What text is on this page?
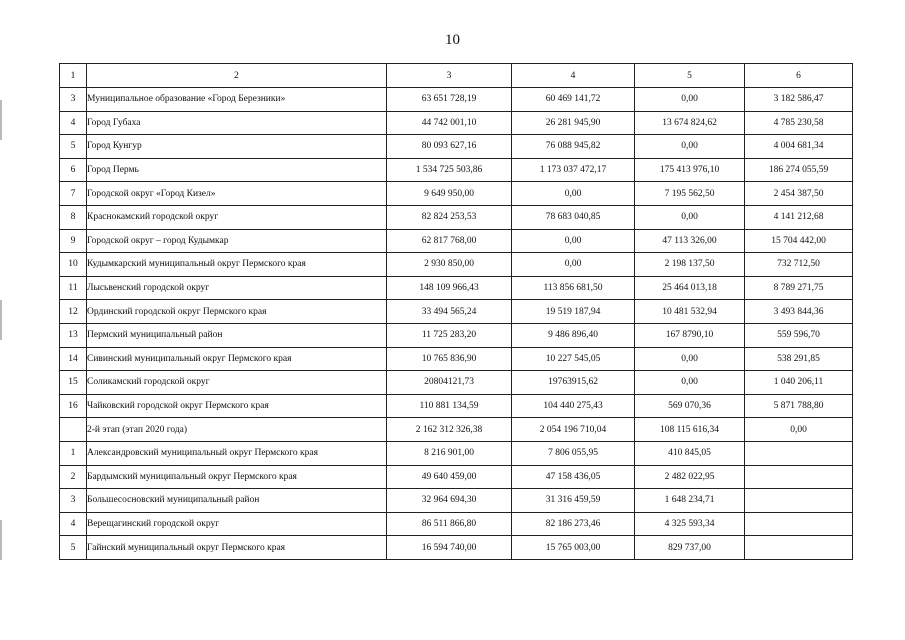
10
1	2	3	4	5	6
3	Муниципальное образование «Город Березники»	63 651 728,19	60 469 141,72	0,00	3 182 586,47
4	Город Губаха	44 742 001,10	26 281 945,90	13 674 824,62	4 785 230,58
5	Город Кунгур	80 093 627,16	76 088 945,82	0,00	4 004 681,34
6	Город Пермь	1 534 725 503,86	1 173 037 472,17	175 413 976,10	186 274 055,59
7	Городской округ «Город Кизел»	9 649 950,00	0,00	7 195 562,50	2 454 387,50
8	Краснокамский городской округ	82 824 253,53	78 683 040,85	0,00	4 141 212,68
9	Городской округ – город Кудымкар	62 817 768,00	0,00	47 113 326,00	15 704 442,00
10	Кудымкарский муниципальный округ Пермского края	2 930 850,00	0,00	2 198 137,50	732 712,50
11	Лысьвенский городской округ	148 109 966,43	113 856 681,50	25 464 013,18	8 789 271,75
12	Ординский городской округ Пермского края	33 494 565,24	19 519 187,94	10 481 532,94	3 493 844,36
13	Пермский муниципальный район	11 725 283,20	9 486 896,40	167 8790,10	559 596,70
14	Сивинский муниципальный округ Пермского края	10 765 836,90	10 227 545,05	0,00	538 291,85
15	Соликамский городской округ	20804121,73	19763915,62	0,00	1 040 206,11
16	Чайковский городской округ Пермского края	110 881 134,59	104 440 275,43	569 070,36	5 871 788,80
	2-й этап (этап 2020 года)	2 162 312 326,38	2 054 196 710,04	108 115 616,34	0,00
1	Александровский муниципальный округ Пермского края	8 216 901,00	7 806 055,95	410 845,05	
2	Бардымский муниципальный округ Пермского края	49 640 459,00	47 158 436,05	2 482 022,95	
3	Большесосновский муниципальный район	32 964 694,30	31 316 459,59	1 648 234,71	
4	Верещагинский городской округ	86 511 866,80	82 186 273,46	4 325 593,34	
5	Гайнский муниципальный округ Пермского края	16 594 740,00	15 765 003,00	829 737,00	
